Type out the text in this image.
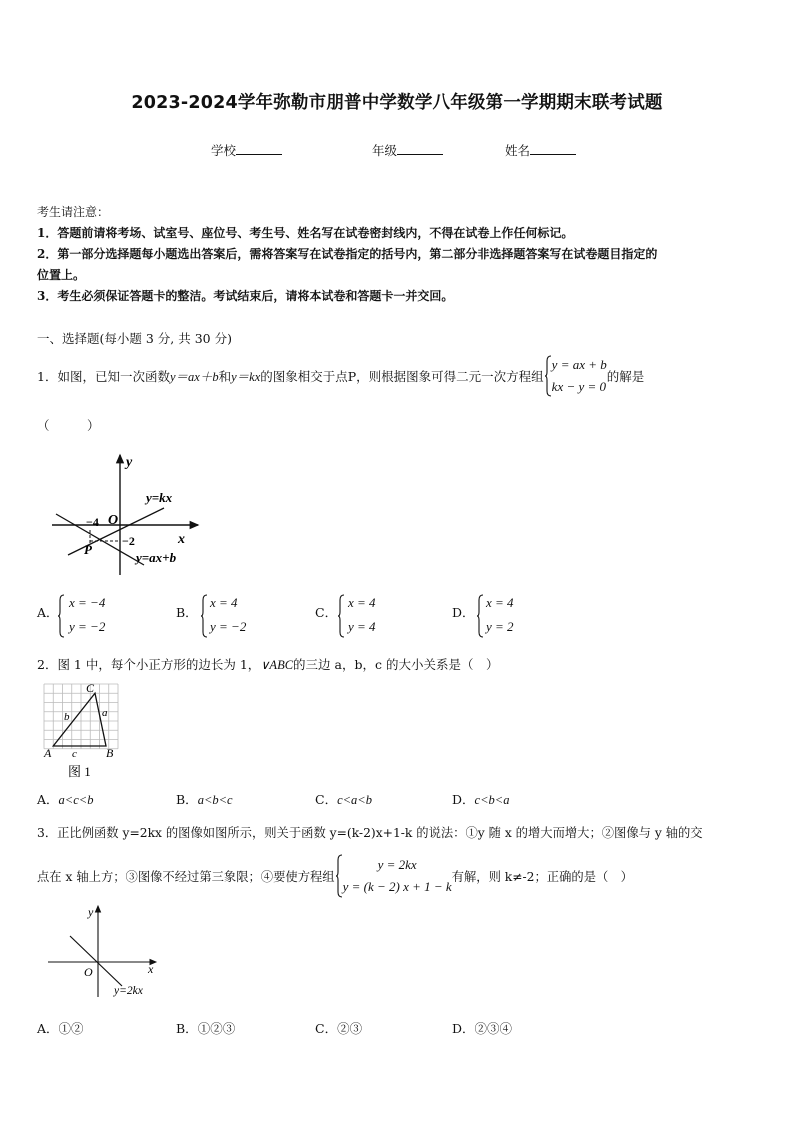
2023-2024学年弥勒市朋普中学数学八年级第一学期期末联考试题
学校	年级	姓名
考生请注意：
1．答题前请将考场、试室号、座位号、考生号、姓名写在试卷密封线内，不得在试卷上作任何标记。
2．第一部分选择题每小题选出答案后，需将答案写在试卷指定的括号内，第二部分非选择题答案写在试卷题目指定的
位置上。
3．考生必须保证答题卡的整洁。考试结束后，请将本试卷和答题卡一并交回。
一、选择题(每小题 3 分, 共 30 分)
1．如图，已知一次函数 y＝ax＋b 和 y＝kx 的图象相交于点P，则根据图象可得二元一次方程组
y = ax + b
kx − y = 0
的解是
（　　　）
y
x
O
y=kx
y=ax+b
P
−4
−2
A．
x = −4
y = −2
B．
x = 4
y = −2
C．
x = 4
y = 4
D．
x = 4
y = 2
2．图 1 中，每个小正方形的边长为 1，∨ABC的三边 a，b，c 的大小关系是（　）
A	B
C
a
b
c
图 1
A．a<c<b	B．a<b<c	C．c<a<b	D．c<b<a
3．正比例函数 y=2kx 的图像如图所示，则关于函数 y=(k-2)x+1-k 的说法：①y 随 x 的增大而增大；②图像与 y 轴的交
点在 x 轴上方；③图像不经过第三象限；④要使方程组
y = 2kx
y = (k − 2) x + 1 − k
有解，则 k≠-2；正确的是（　）
y
x
O
y=2kx
A．①②	B．①②③	C．②③	D．②③④
